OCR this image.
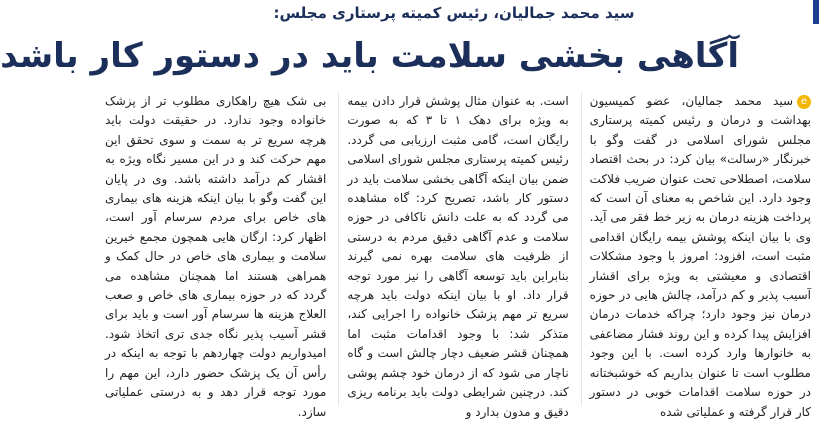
سید محمد جمالیان، رئیس کمیته پرستاری مجلس:
آگاهی بخشی سلامت باید در دستور کار باشد

eسید محمد جمالیان، عضو کمیسیون بهداشت و درمان و رئیس کمیته پرستاری مجلس شورای اسلامی در گفت وگو با خبرنگار «رسالت» بیان کرد: در بحث اقتصاد سلامت، اصطلاحی تحت عنوان ضریب فلاکت وجود دارد. این شاخص به معنای آن است که پرداخت هزینه درمان به زیر خط فقر می آید. وی با بیان اینکه پوشش بیمه رایگان اقدامی مثبت است، افزود: امروز با وجود مشکلات اقتصادی و معیشتی به ویژه برای اقشار آسیب پذیر و کم درآمد، چالش هایی در حوزه درمان نیز وجود دارد؛ چراکه خدمات درمان افزایش پیدا کرده و این روند فشار مضاعفی به خانوارها وارد کرده است. با این وجود مطلوب است تا عنوان بداریم که خوشبختانه در حوزه سلامت اقدامات خوبی در دستور کار قرار گرفته و عملیاتی شده

است. به عنوان مثال پوشش قرار دادن بیمه به ویژه برای دهک ۱ تا ۳ که به صورت رایگان است، گامی مثبت ارزیابی می گردد. رئیس کمیته پرستاری مجلس شورای اسلامی ضمن بیان اینکه آگاهی بخشی سلامت باید در دستور کار باشد، تصریح کرد: گاه مشاهده می گردد که به علت دانش ناکافی در حوزه سلامت و عدم آگاهی دقیق مردم به درستی از ظرفیت های سلامت بهره نمی گیرند بنابراین باید توسعه آگاهی را نیز مورد توجه قرار داد. او با بیان اینکه دولت باید هرچه سریع تر مهم پزشک خانواده را اجرایی کند، متذکر شد: با وجود اقدامات مثبت اما همچنان قشر ضعیف دچار چالش است و گاه ناچار می شود که از درمان خود چشم پوشی کند. درچنین شرایطی دولت باید برنامه ریزی دقیق و مدون بدارد و

بی شک هیچ راهکاری مطلوب تر از پزشک خانواده وجود ندارد. در حقیقت دولت باید هرچه سریع تر به سمت و سوی تحقق این مهم حرکت کند و در این مسیر نگاه ویژه به اقشار کم درآمد داشته باشد. وی در پایان این گفت وگو با بیان اینکه هزینه های بیماری های خاص برای مردم سرسام آور است، اظهار کرد: ارگان هایی همچون مجمع خیرین سلامت و بیماری های خاص در حال کمک و همراهی هستند اما همچنان مشاهده می گردد که در حوزه بیماری های خاص و صعب العلاج هزینه ها سرسام آور است و باید برای قشر آسیب پذیر نگاه جدی تری اتخاذ شود. امیدواریم دولت چهاردهم با توجه به اینکه در رأس آن یک پزشک حضور دارد، این مهم را مورد توجه قرار دهد و به درستی عملیاتی سازد.
